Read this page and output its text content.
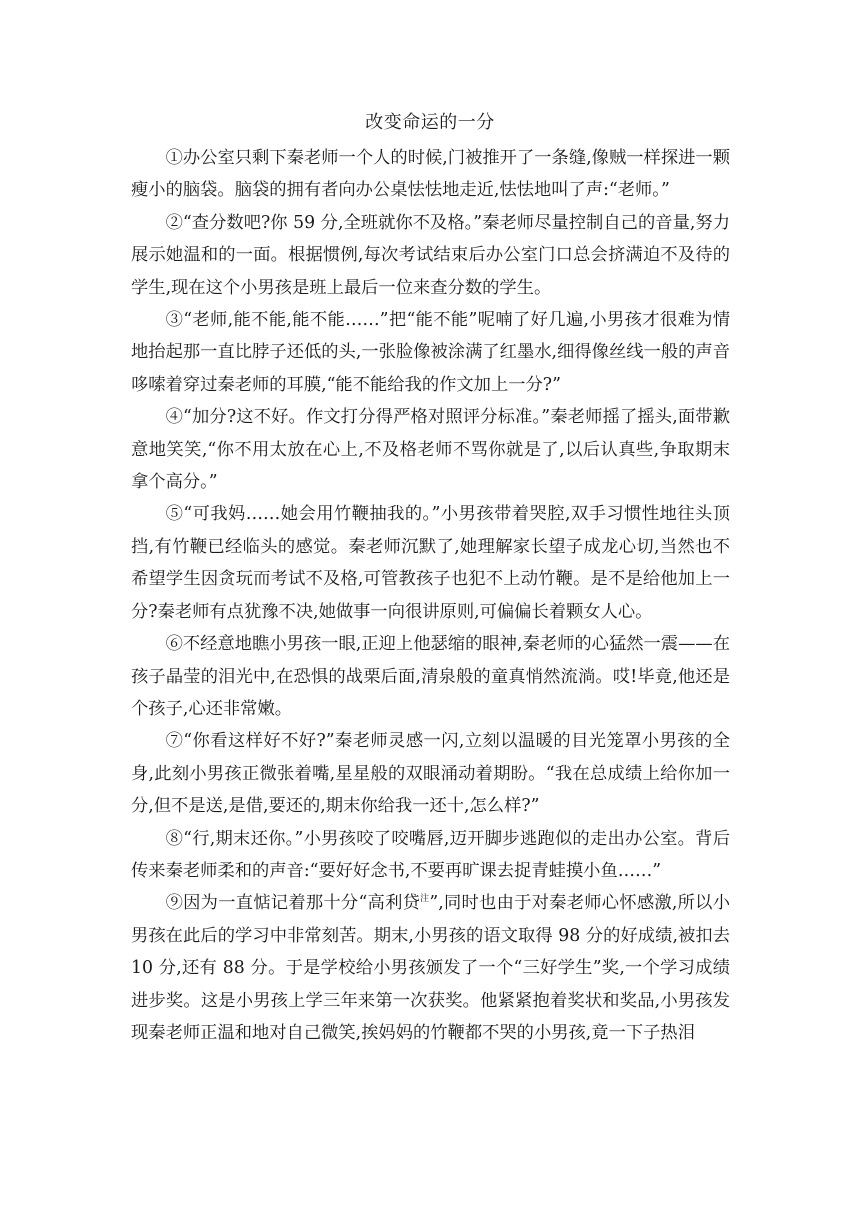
改变命运的一分

①办公室只剩下秦老师一个人的时候,门被推开了一条缝,像贼一样探进一颗瘦小的脑袋。脑袋的拥有者向办公桌怯怯地走近,怯怯地叫了声:“老师。”

②“查分数吧?你 59 分,全班就你不及格。”秦老师尽量控制自己的音量,努力展示她温和的一面。根据惯例,每次考试结束后办公室门口总会挤满迫不及待的学生,现在这个小男孩是班上最后一位来查分数的学生。

③“老师,能不能,能不能……”把“能不能”呢喃了好几遍,小男孩才很难为情地抬起那一直比脖子还低的头,一张脸像被涂满了红墨水,细得像丝线一般的声音哆嗦着穿过秦老师的耳膜,“能不能给我的作文加上一分?”

④“加分?这不好。作文打分得严格对照评分标准。”秦老师摇了摇头,面带歉意地笑笑,“你不用太放在心上,不及格老师不骂你就是了,以后认真些,争取期末拿个高分。”

⑤“可我妈……她会用竹鞭抽我的。”小男孩带着哭腔,双手习惯性地往头顶挡,有竹鞭已经临头的感觉。秦老师沉默了,她理解家长望子成龙心切,当然也不希望学生因贪玩而考试不及格,可管教孩子也犯不上动竹鞭。是不是给他加上一分?秦老师有点犹豫不决,她做事一向很讲原则,可偏偏长着颗女人心。

⑥不经意地瞧小男孩一眼,正迎上他瑟缩的眼神,秦老师的心猛然一震——在孩子晶莹的泪光中,在恐惧的战栗后面,清泉般的童真悄然流淌。哎!毕竟,他还是个孩子,心还非常嫩。

⑦“你看这样好不好?”秦老师灵感一闪,立刻以温暖的目光笼罩小男孩的全身,此刻小男孩正微张着嘴,星星般的双眼涌动着期盼。“我在总成绩上给你加一分,但不是送,是借,要还的,期末你给我一还十,怎么样?”

⑧“行,期末还你。”小男孩咬了咬嘴唇,迈开脚步逃跑似的走出办公室。背后传来秦老师柔和的声音:“要好好念书,不要再旷课去捉青蛙摸小鱼……”

⑨因为一直惦记着那十分“高利贷$^注$”,同时也由于对秦老师心怀感激,所以小男孩在此后的学习中非常刻苦。期末,小男孩的语文取得 98 分的好成绩,被扣去 10 分,还有 88 分。于是学校给小男孩颁发了一个“三好学生”奖,一个学习成绩进步奖。这是小男孩上学三年来第一次获奖。他紧紧抱着奖状和奖品,小男孩发现秦老师正温和地对自己微笑,挨妈妈的竹鞭都不哭的小男孩,竟一下子热泪
